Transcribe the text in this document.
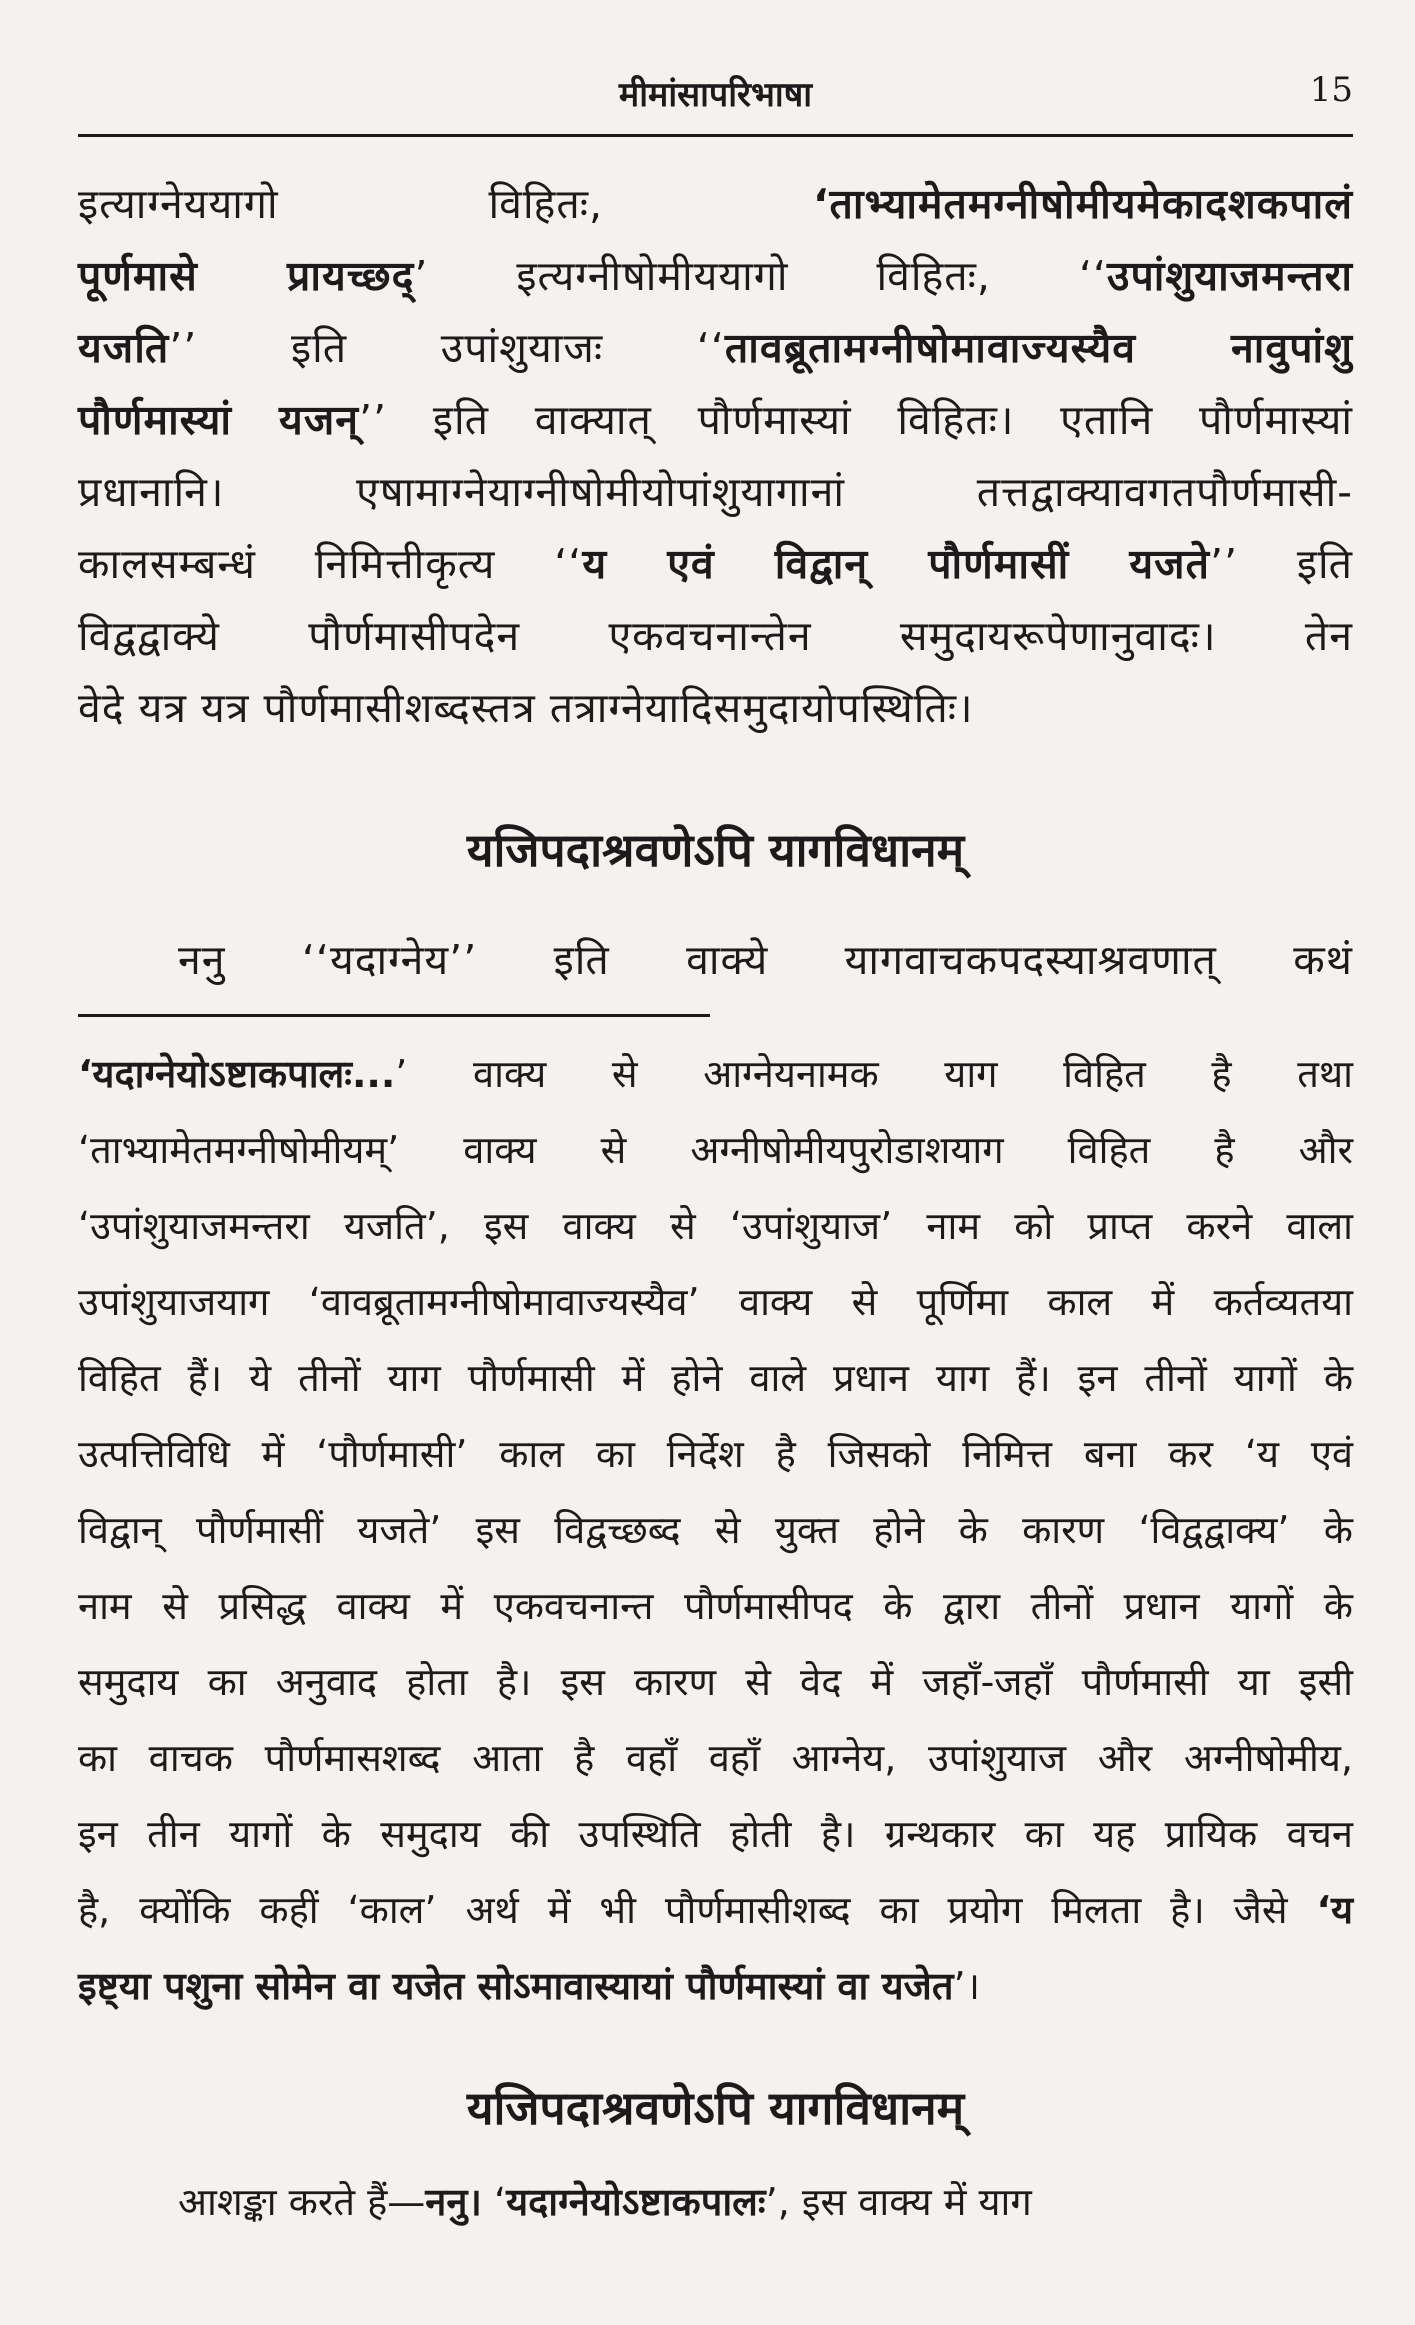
मीमांसापरिभाषा	15
इत्याग्नेययागो विहितः, ‘ताभ्यामेतमग्नीषोमीयमेकादशकपालं
पूर्णमासे प्रायच्छद्’ इत्यग्नीषोमीययागो विहितः, ‘‘उपांशुयाजमन्तरा
यजति’’ इति उपांशुयाजः ‘‘तावब्रूतामग्नीषोमावाज्यस्यैव नावुपांशु
पौर्णमास्यां यजन्’’ इति वाक्यात् पौर्णमास्यां विहितः। एतानि पौर्णमास्यां
प्रधानानि। एषामाग्नेयाग्नीषोमीयोपांशुयागानां तत्तद्वाक्यावगतपौर्णमासी-
कालसम्बन्धं निमित्तीकृत्य ‘‘य एवं विद्वान् पौर्णमासीं यजते’’ इति
विद्वद्वाक्ये पौर्णमासीपदेन एकवचनान्तेन समुदायरूपेणानुवादः। तेन
वेदे यत्र यत्र पौर्णमासीशब्दस्तत्र तत्राग्नेयादिसमुदायोपस्थितिः।
यजिपदाश्रवणेऽपि यागविधानम्
ननु ‘‘यदाग्नेय’’ इति वाक्ये यागवाचकपदस्याश्रवणात् कथं
‘यदाग्नेयोऽष्टाकपालः...’ वाक्य से आग्नेयनामक याग विहित है तथा
‘ताभ्यामेतमग्नीषोमीयम्’ वाक्य से अग्नीषोमीयपुरोडाशयाग विहित है और
‘उपांशुयाजमन्तरा यजति’, इस वाक्य से ‘उपांशुयाज’ नाम को प्राप्त करने वाला
उपांशुयाजयाग ‘वावब्रूतामग्नीषोमावाज्यस्यैव’ वाक्य से पूर्णिमा काल में कर्तव्यतया
विहित हैं। ये तीनों याग पौर्णमासी में होने वाले प्रधान याग हैं। इन तीनों यागों के
उत्पत्तिविधि में ‘पौर्णमासी’ काल का निर्देश है जिसको निमित्त बना कर ‘य एवं
विद्वान् पौर्णमासीं यजते’ इस विद्वच्छब्द से युक्त होने के कारण ‘विद्वद्वाक्य’ के
नाम से प्रसिद्ध वाक्य में एकवचनान्त पौर्णमासीपद के द्वारा तीनों प्रधान यागों के
समुदाय का अनुवाद होता है। इस कारण से वेद में जहाँ-जहाँ पौर्णमासी या इसी
का वाचक पौर्णमासशब्द आता है वहाँ वहाँ आग्नेय, उपांशुयाज और अग्नीषोमीय,
इन तीन यागों के समुदाय की उपस्थिति होती है। ग्रन्थकार का यह प्रायिक वचन
है, क्योंकि कहीं ‘काल’ अर्थ में भी पौर्णमासीशब्द का प्रयोग मिलता है। जैसे ‘य
इष्ट्या पशुना सोमेन वा यजेत सोऽमावास्यायां पौर्णमास्यां वा यजेत’।
यजिपदाश्रवणेऽपि यागविधानम्
आशङ्का करते हैं—ननु। ‘यदाग्नेयोऽष्टाकपालः’, इस वाक्य में याग
